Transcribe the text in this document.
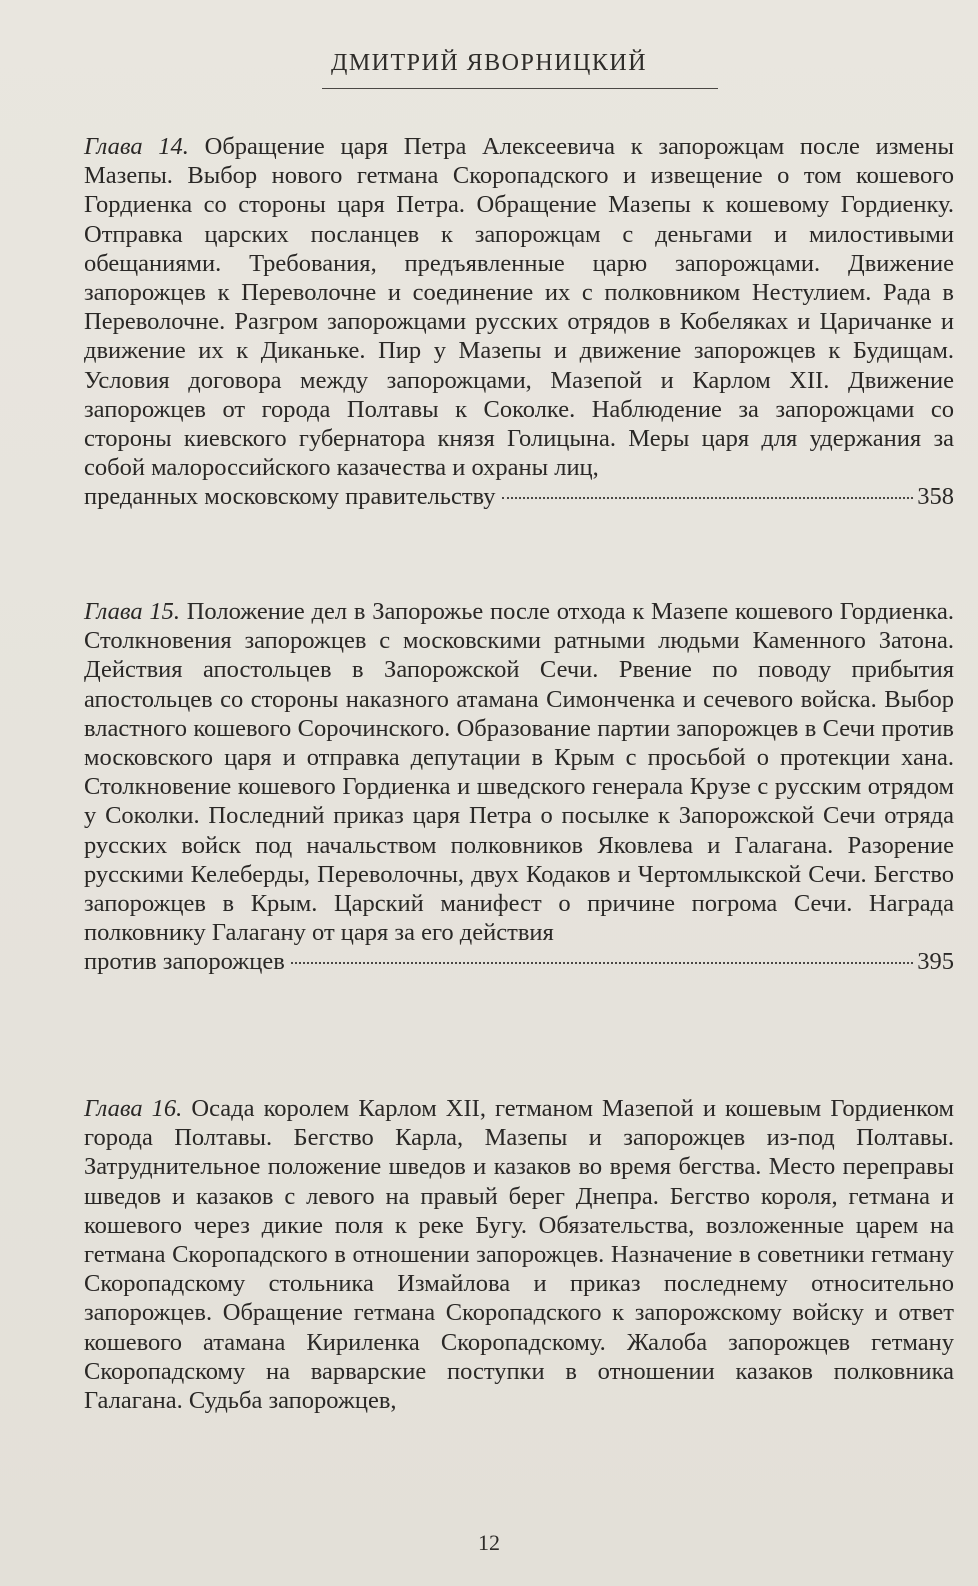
ДМИТРИЙ ЯВОРНИЦКИЙ
Глава 14. Обращение царя Петра Алексеевича к запорожцам после измены Мазепы. Выбор нового гетмана Скоропадского и извещение о том кошевого Гордиенка со стороны царя Петра. Обращение Мазепы к кошевому Гордиенку. Отправка царских посланцев к запорожцам с деньгами и милостивыми обещаниями. Требования, предъявленные царю запорожцами. Движение запорожцев к Переволочне и соединение их с полковником Нестулием. Рада в Переволочне. Разгром запорожцами русских отрядов в Кобеляках и Царичанке и движение их к Диканьке. Пир у Мазепы и движение запорожцев к Будищам. Условия договора между запорожцами, Мазепой и Карлом XII. Движение запорожцев от города Полтавы к Соколке. Наблюдение за запорожцами со стороны киевского губернатора князя Голицына. Меры царя для удержания за собой малороссийского казачества и охраны лиц,
преданных московскому правительству	358
Глава 15. Положение дел в Запорожье после отхода к Мазепе кошевого Гордиенка. Столкновения запорожцев с московскими ратными людьми Каменного Затона. Действия апостольцев в Запорожской Сечи. Рвение по поводу прибытия апостольцев со стороны наказного атамана Симонченка и сечевого войска. Выбор властного кошевого Сорочинского. Образование партии запорожцев в Сечи против московского царя и отправка депутации в Крым с просьбой о протекции хана. Столкновение кошевого Гордиенка и шведского генерала Крузе с русским отрядом у Соколки. Последний приказ царя Петра о посылке к Запорожской Сечи отряда русских войск под начальством полковников Яковлева и Галагана. Разорение русскими Келеберды, Переволочны, двух Кодаков и Чертомлыкской Сечи. Бегство запорожцев в Крым. Царский манифест о причине погрома Сечи. Награда полковнику Галагану от царя за его действия
против запорожцев	395
Глава 16. Осада королем Карлом XII, гетманом Мазепой и кошевым Гордиенком города Полтавы. Бегство Карла, Мазепы и запорожцев из-под Полтавы. Затруднительное положение шведов и казаков во время бегства. Место переправы шведов и казаков с левого на правый берег Днепра. Бегство короля, гетмана и кошевого через дикие поля к реке Бугу. Обязательства, возложенные царем на гетмана Скоропадского в отношении запорожцев. Назначение в советники гетману Скоропадскому стольника Измайлова и приказ последнему относительно запорожцев. Обращение гетмана Скоропадского к запорожскому войску и ответ кошевого атамана Кириленка Скоропадскому. Жалоба запорожцев гетману Скоропадскому на варварские поступки в отношении казаков полковника Галагана. Судьба запорожцев,
12
